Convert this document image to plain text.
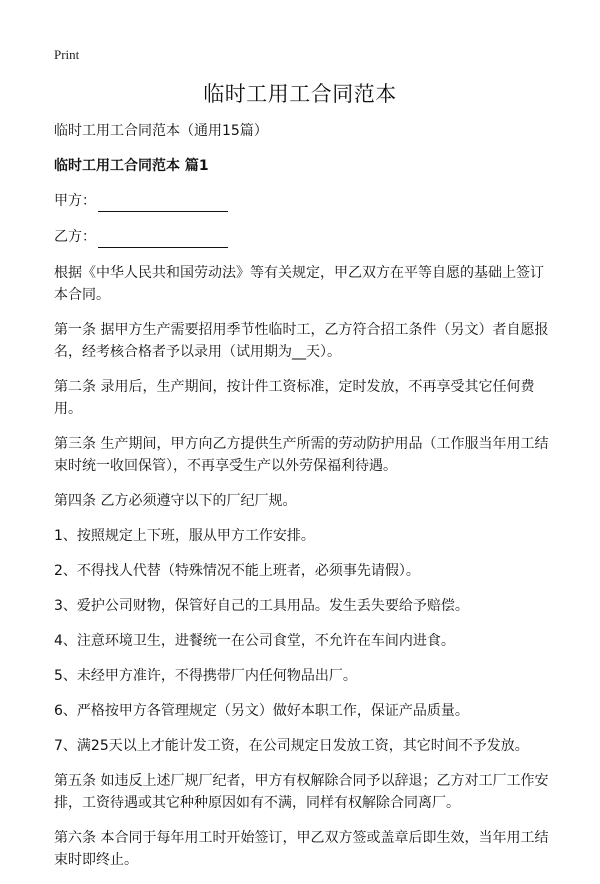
Print
临时工用工合同范本

临时工用工合同范本（通用15篇）

临时工用工合同范本 篇1

甲方：
乙方：

根据《中华人民共和国劳动法》等有关规定，甲乙双方在平等自愿的基础上签订本合同。

第一条 据甲方生产需要招用季节性临时工，乙方符合招工条件（另文）者自愿报名，经考核合格者予以录用（试用期为__天）。

第二条 录用后，生产期间，按计件工资标准，定时发放，不再享受其它任何费用。

第三条 生产期间，甲方向乙方提供生产所需的劳动防护用品（工作服当年用工结束时统一收回保管），不再享受生产以外劳保福利待遇。

第四条 乙方必须遵守以下的厂纪厂规。

1、按照规定上下班，服从甲方工作安排。

2、不得找人代替（特殊情况不能上班者，必须事先请假）。

3、爱护公司财物，保管好自己的工具用品。发生丢失要给予赔偿。

4、注意环境卫生，进餐统一在公司食堂，不允许在车间内进食。

5、未经甲方准许，不得携带厂内任何物品出厂。

6、严格按甲方各管理规定（另文）做好本职工作，保证产品质量。

7、满25天以上才能计发工资，在公司规定日发放工资，其它时间不予发放。

第五条 如违反上述厂规厂纪者，甲方有权解除合同予以辞退；乙方对工厂工作安排，工资待遇或其它种种原因如有不满，同样有权解除合同离厂。

第六条 本合同于每年用工时开始签订，甲乙双方签或盖章后即生效，当年用工结束时即终止。
